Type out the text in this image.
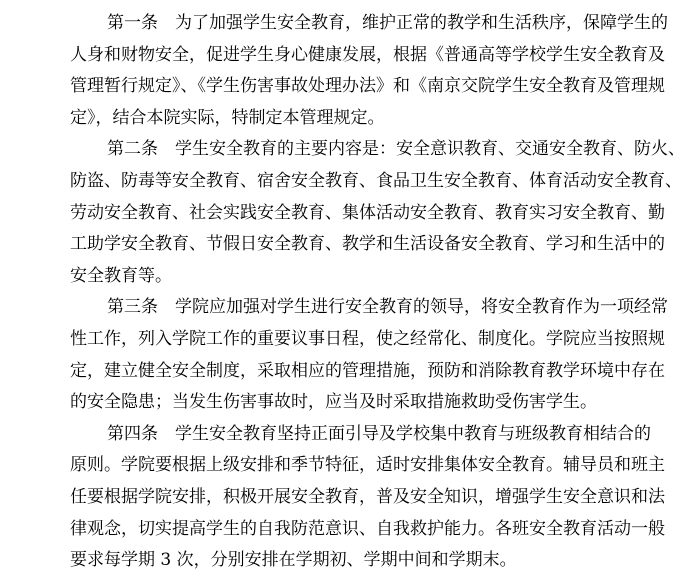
第一条　为了加强学生安全教育，维护正常的教学和生活秩序，保障学生的
人身和财物安全，促进学生身心健康发展，根据《普通高等学校学生安全教育及
管理暂行规定》、《学生伤害事故处理办法》和《南京交院学生安全教育及管理规
定》，结合本院实际，特制定本管理规定。
第二条　学生安全教育的主要内容是：安全意识教育、交通安全教育、防火、
防盗、防毒等安全教育、宿舍安全教育、食品卫生安全教育、体育活动安全教育、
劳动安全教育、社会实践安全教育、集体活动安全教育、教育实习安全教育、勤
工助学安全教育、节假日安全教育、教学和生活设备安全教育、学习和生活中的
安全教育等。
第三条　学院应加强对学生进行安全教育的领导，将安全教育作为一项经常
性工作，列入学院工作的重要议事日程，使之经常化、制度化。学院应当按照规
定，建立健全安全制度，采取相应的管理措施，预防和消除教育教学环境中存在
的安全隐患；当发生伤害事故时，应当及时采取措施救助受伤害学生。
第四条　学生安全教育坚持正面引导及学校集中教育与班级教育相结合的
原则。学院要根据上级安排和季节特征，适时安排集体安全教育。辅导员和班主
任要根据学院安排，积极开展安全教育，普及安全知识，增强学生安全意识和法
律观念，切实提高学生的自我防范意识、自我救护能力。各班安全教育活动一般
要求每学期 3 次，分别安排在学期初、学期中间和学期末。
